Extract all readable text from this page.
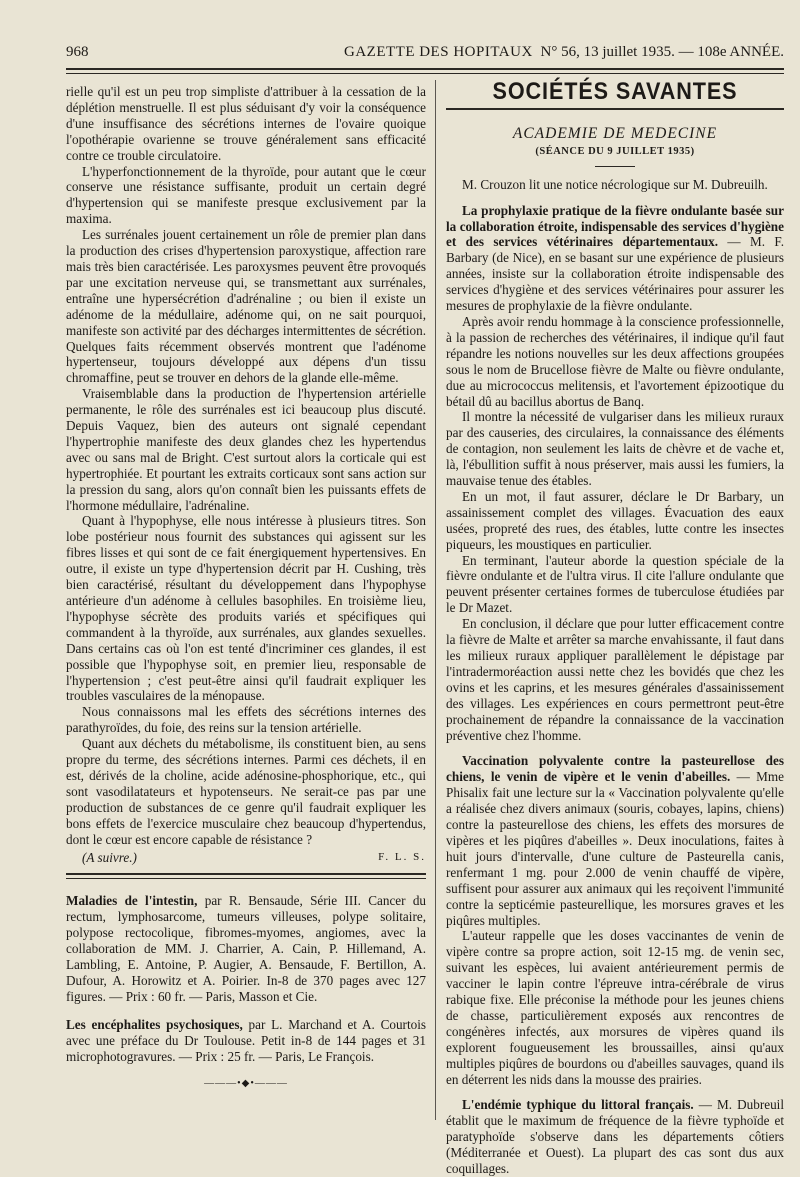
968	GAZETTE DES HOPITAUX N° 56, 13 juillet 1935. — 108e ANNÉE.

rielle qu'il est un peu trop simpliste d'attribuer à la cessation de la déplétion menstruelle. Il est plus séduisant d'y voir la conséquence d'une insuffisance des sécrétions internes de l'ovaire quoique l'opothérapie ovarienne se trouve généralement sans efficacité contre ce trouble circulatoire.

L'hyperfonctionnement de la thyroïde, pour autant que le cœur conserve une résistance suffisante, produit un certain degré d'hypertension qui se manifeste presque exclusivement par la maxima.

Les surrénales jouent certainement un rôle de premier plan dans la production des crises d'hypertension paroxystique, affection rare mais très bien caractérisée. Les paroxysmes peuvent être provoqués par une excitation nerveuse qui, se transmettant aux surrénales, entraîne une hypersécrétion d'adrénaline ; ou bien il existe un adénome de la médullaire, adénome qui, on ne sait pourquoi, manifeste son activité par des décharges intermittentes de sécrétion. Quelques faits récemment observés montrent que l'adénome hypertenseur, toujours développé aux dépens d'un tissu chromaffine, peut se trouver en dehors de la glande elle-même.

Vraisemblable dans la production de l'hypertension artérielle permanente, le rôle des surrénales est ici beaucoup plus discuté. Depuis Vaquez, bien des auteurs ont signalé cependant l'hypertrophie manifeste des deux glandes chez les hypertendus avec ou sans mal de Bright. C'est surtout alors la corticale qui est hypertrophiée. Et pourtant les extraits corticaux sont sans action sur la pression du sang, alors qu'on connaît bien les puissants effets de l'hormone médullaire, l'adrénaline.

Quant à l'hypophyse, elle nous intéresse à plusieurs titres. Son lobe postérieur nous fournit des substances qui agissent sur les fibres lisses et qui sont de ce fait énergiquement hypertensives. En outre, il existe un type d'hypertension décrit par H. Cushing, très bien caractérisé, résultant du développement dans l'hypophyse antérieure d'un adénome à cellules basophiles. En troisième lieu, l'hypophyse sécrète des produits variés et spécifiques qui commandent à la thyroïde, aux surrénales, aux glandes sexuelles. Dans certains cas où l'on est tenté d'incriminer ces glandes, il est possible que l'hypophyse soit, en premier lieu, responsable de l'hypertension ; c'est peut-être ainsi qu'il faudrait expliquer les troubles vasculaires de la ménopause.

Nous connaissons mal les effets des sécrétions internes des parathyroïdes, du foie, des reins sur la tension artérielle.

Quant aux déchets du métabolisme, ils constituent bien, au sens propre du terme, des sécrétions internes. Parmi ces déchets, il en est, dérivés de la choline, acide adénosine-phosphorique, etc., qui sont vasodilatateurs et hypotenseurs. Ne serait-ce pas par une production de substances de ce genre qu'il faudrait expliquer les bons effets de l'exercice musculaire chez beaucoup d'hypertendus, dont le cœur est encore capable de résistance ?

(A suivre.)	F. L. S.

Maladies de l'intestin, par R. Bensaude, Série III. Cancer du rectum, lymphosarcome, tumeurs villeuses, polype solitaire, polypose rectocolique, fibromes-myomes, angiomes, avec la collaboration de MM. J. Charrier, A. Cain, P. Hillemand, A. Lambling, E. Antoine, P. Augier, A. Bensaude, F. Bertillon, A. Dufour, A. Horowitz et A. Poirier. In-8 de 370 pages avec 127 figures. — Prix : 60 fr. — Paris, Masson et Cie.

Les encéphalites psychosiques, par L. Marchand et A. Courtois avec une préface du Dr Toulouse. Petit in-8 de 144 pages et 31 microphotogravures. — Prix : 25 fr. — Paris, Le François.

———•◆•———
SOCIÉTÉS SAVANTES
ACADEMIE DE MEDECINE
(SÉANCE DU 9 JUILLET 1935)

M. Crouzon lit une notice nécrologique sur M. Dubreuilh.

La prophylaxie pratique de la fièvre ondulante basée sur la collaboration étroite, indispensable des services d'hygiène et des services vétérinaires départementaux. — M. F. Barbary (de Nice), en se basant sur une expérience de plusieurs années, insiste sur la collaboration étroite indispensable des services d'hygiène et des services vétérinaires pour assurer les mesures de prophylaxie de la fièvre ondulante.

Après avoir rendu hommage à la conscience professionnelle, à la passion de recherches des vétérinaires, il indique qu'il faut répandre les notions nouvelles sur les deux affections groupées sous le nom de Brucellose fièvre de Malte ou fièvre ondulante, due au micrococcus melitensis, et l'avortement épizootique du bétail dû au bacillus abortus de Banq.

Il montre la nécessité de vulgariser dans les milieux ruraux par des causeries, des circulaires, la connaissance des éléments de contagion, non seulement les laits de chèvre et de vache et, là, l'ébullition suffit à nous préserver, mais aussi les fumiers, la mauvaise tenue des étables.

En un mot, il faut assurer, déclare le Dr Barbary, un assainissement complet des villages. Évacuation des eaux usées, propreté des rues, des étables, lutte contre les insectes piqueurs, les moustiques en particulier.

En terminant, l'auteur aborde la question spéciale de la fièvre ondulante et de l'ultra virus. Il cite l'allure ondulante que peuvent présenter certaines formes de tuberculose étudiées par le Dr Mazet.

En conclusion, il déclare que pour lutter efficacement contre la fièvre de Malte et arrêter sa marche envahissante, il faut dans les milieux ruraux appliquer parallèlement le dépistage par l'intradermoréaction aussi nette chez les bovidés que chez les ovins et les caprins, et les mesures générales d'assainissement des villages. Les expériences en cours permettront peut-être prochainement de répandre la connaissance de la vaccination préventive chez l'homme.

Vaccination polyvalente contre la pasteurellose des chiens, le venin de vipère et le venin d'abeilles. — Mme Phisalix fait une lecture sur la « Vaccination polyvalente qu'elle a réalisée chez divers animaux (souris, cobayes, lapins, chiens) contre la pasteurellose des chiens, les effets des morsures de vipères et les piqûres d'abeilles ». Deux inoculations, faites à huit jours d'intervalle, d'une culture de Pasteurella canis, renfermant 1 mg. pour 2.000 de venin chauffé de vipère, suffisent pour assurer aux animaux qui les reçoivent l'immunité contre la septicémie pasteurellique, les morsures graves et les piqûres multiples.

L'auteur rappelle que les doses vaccinantes de venin de vipère contre sa propre action, soit 12-15 mg. de venin sec, suivant les espèces, lui avaient antérieurement permis de vacciner le lapin contre l'épreuve intra-cérébrale de virus rabique fixe. Elle préconise la méthode pour les jeunes chiens de chasse, particulièrement exposés aux rencontres de congénères infectés, aux morsures de vipères quand ils explorent fougueusement les broussailles, ainsi qu'aux multiples piqûres de bourdons ou d'abeilles sauvages, quand ils en déterrent les nids dans la mousse des prairies.

L'endémie typhique du littoral français. — M. Dubreuil établit que le maximum de fréquence de la fièvre typhoïde et paratyphoïde s'observe dans les départements côtiers (Méditerranée et Ouest). La plupart des cas sont dus aux coquillages.
